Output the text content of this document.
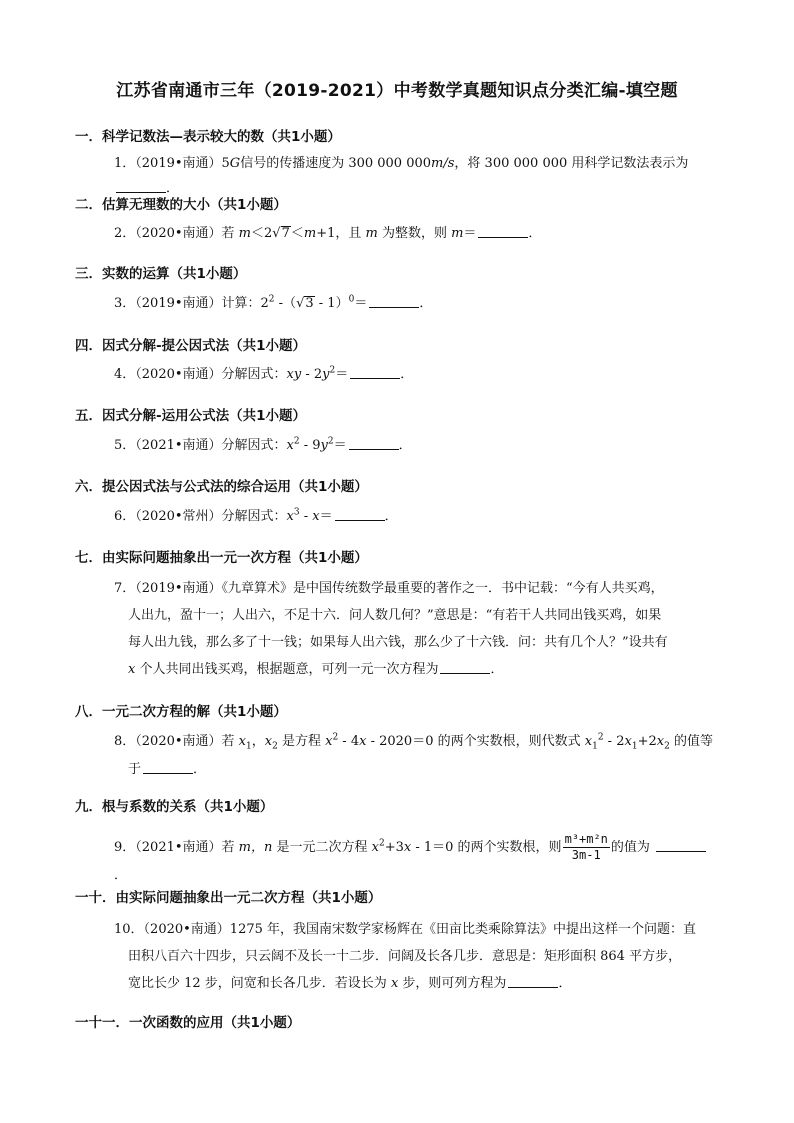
江苏省南通市三年（2019-2021）中考数学真题知识点分类汇编-填空题
一．科学记数法—表示较大的数（共1小题）
1．（2019•南通）5G信号的传播速度为 300 000 000m/s，将 300 000 000 用科学记数法表示为．
二．估算无理数的大小（共1小题）
2．（2020•南通）若 m＜2√7＜m+1，且 m 为整数，则 m＝	．
三．实数的运算（共1小题）
3．（2019•南通）计算：$2^2$ -（√3 - 1）$^0$＝	．
四．因式分解-提公因式法（共1小题）
4．（2020•南通）分解因式：xy - $2y^2=$	．
五．因式分解-运用公式法（共1小题）
5．（2021•南通）分解因式：$x^2 - 9y^2=$	．
六．提公因式法与公式法的综合运用（共1小题）
6．（2020•常州）分解因式：$x^3 - x=$	．
七．由实际问题抽象出一元一次方程（共1小题）
7．（2019•南通）《九章算术》是中国传统数学最重要的著作之一．书中记载：“今有人共买鸡，
人出九，盈十一；人出六，不足十六．问人数几何？”意思是：“有若干人共同出钱买鸡，如果
每人出九钱，那么多了十一钱；如果每人出六钱，那么少了十六钱．问：共有几个人？”设共有
x 个人共同出钱买鸡，根据题意，可列一元一次方程为	．
八．一元二次方程的解（共1小题）
8．（2020•南通）若 $x_1$，$x_2$ 是方程 $x^2 - 4x - 2020=0$ 的两个实数根，则代数式 $x_1^2 - 2x_1+2x_2$ 的值等
于	．
九．根与系数的关系（共1小题）
9．（2021•南通）若 m，n 是一元二次方程 $x^2+3x - 1=0$ 的两个实数根，则 $\frac{\text{m³+m²n}}{3m-1}$ 的值为 ．
一十．由实际问题抽象出一元二次方程（共1小题）
10．（2020•南通）1275 年，我国南宋数学家杨辉在《田亩比类乘除算法》中提出这样一个问题：直
田积八百六十四步，只云阔不及长一十二步．问阔及长各几步．意思是：矩形面积 864 平方步，
宽比长少 12 步，问宽和长各几步．若设长为 x 步，则可列方程为	．
一十一．一次函数的应用（共1小题）
